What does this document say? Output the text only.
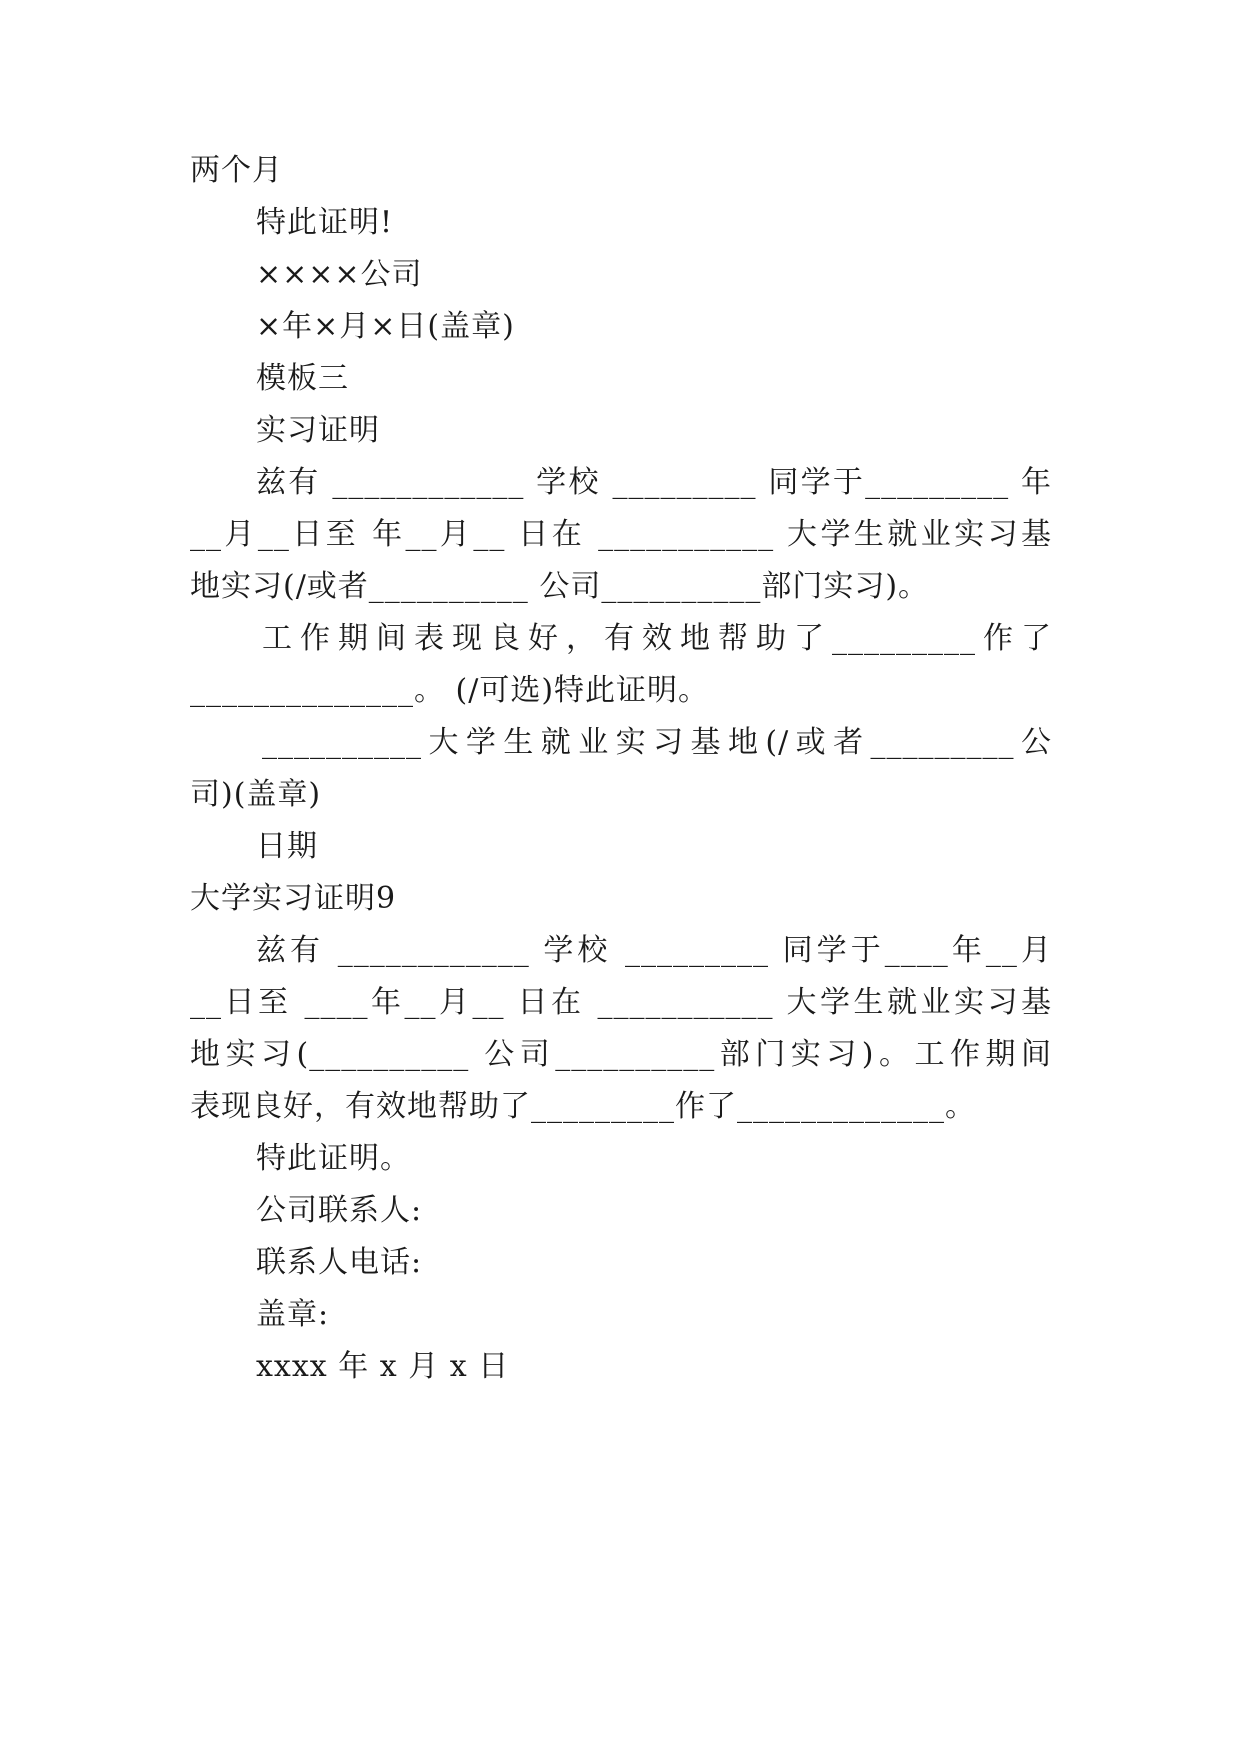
两个月
特此证明!
××××公司
×年×月×日(盖章)
模板三
实习证明
兹有 ____________ 学校 _________ 同学于_________ 年
__月__日至 年__月__ 日在 ___________ 大学生就业实习基
地实习(/或者__________ 公司__________部门实习)。
工作期间表现良好，有效地帮助了_________作了
______________。 (/可选)特此证明。
__________大学生就业实习基地(/或者_________公
司)(盖章)
日期
大学实习证明9
兹有 ____________ 学校 _________ 同学于____年__月
__日至 ____年__月__ 日在 ___________ 大学生就业实习基
地实习(__________ 公司__________部门实习)。工作期间
表现良好，有效地帮助了_________作了_____________。
特此证明。
公司联系人:
联系人电话:
盖章:
xxxx 年 x 月 x 日
